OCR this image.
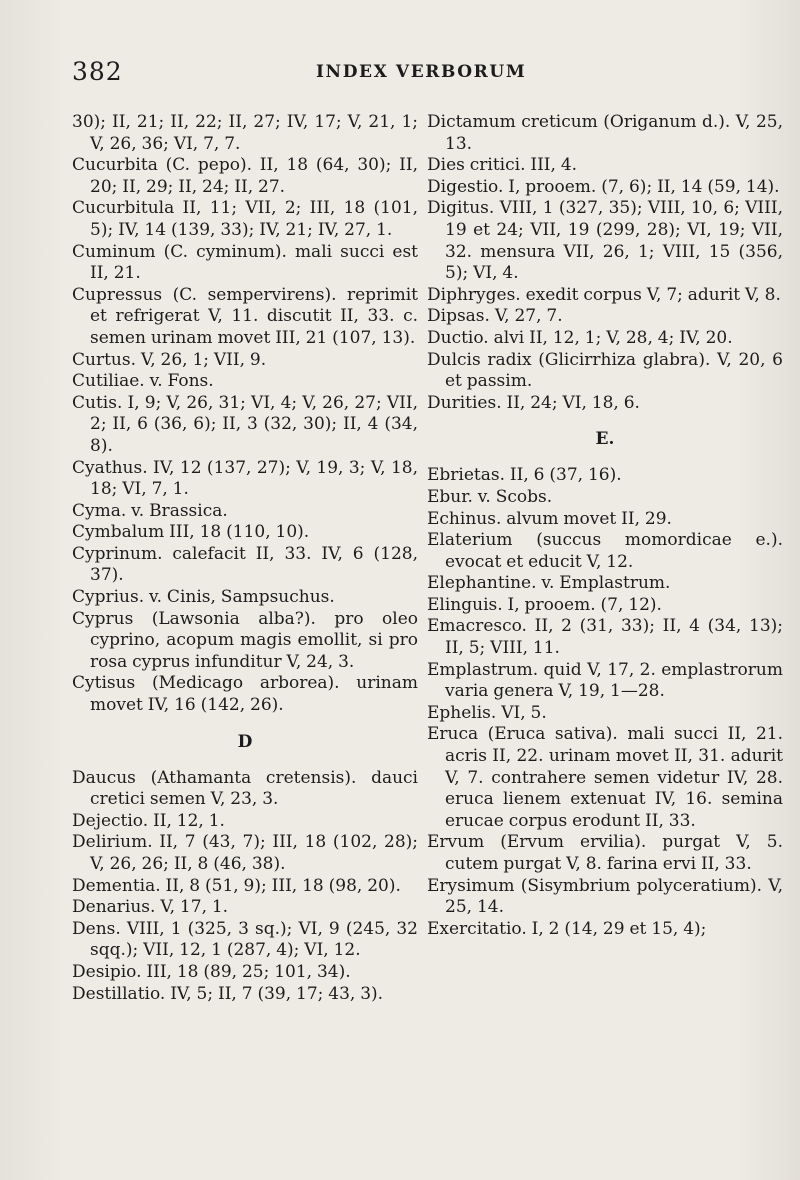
382	INDEX VERBORUM

30); II, 21; II, 22; II, 27; IV, 17; V, 21, 1; V, 26, 36; VI, 7, 7.

Cucurbita (C. pepo). II, 18 (64, 30); II, 20; II, 29; II, 24; II, 27.

Cucurbitula II, 11; VII, 2; III, 18 (101, 5); IV, 14 (139, 33); IV, 21; IV, 27, 1.

Cuminum (C. cyminum). mali succi est II, 21.

Cupressus (C. sempervirens). reprimit et refrigerat V, 11. discutit II, 33. c. semen urinam movet III, 21 (107, 13).

Curtus. V, 26, 1; VII, 9.

Cutiliae. v. Fons.

Cutis. I, 9; V, 26, 31; VI, 4; V, 26, 27; VII, 2; II, 6 (36, 6); II, 3 (32, 30); II, 4 (34, 8).

Cyathus. IV, 12 (137, 27); V, 19, 3; V, 18, 18; VI, 7, 1.

Cyma. v. Brassica.

Cymbalum III, 18 (110, 10).

Cyprinum. calefacit II, 33. IV, 6 (128, 37).

Cyprius. v. Cinis, Sampsuchus.

Cyprus (Lawsonia alba?). pro oleo cyprino, acopum magis emollit, si pro rosa cyprus infunditur V, 24, 3.

Cytisus (Medicago arborea). urinam movet IV, 16 (142, 26).

D

Daucus (Athamanta cretensis). dauci cretici semen V, 23, 3.

Dejectio. II, 12, 1.

Delirium. II, 7 (43, 7); III, 18 (102, 28); V, 26, 26; II, 8 (46, 38).

Dementia. II, 8 (51, 9); III, 18 (98, 20).

Denarius. V, 17, 1.

Dens. VIII, 1 (325, 3 sq.); VI, 9 (245, 32 sqq.); VII, 12, 1 (287, 4); VI, 12.

Desipio. III, 18 (89, 25; 101, 34).

Destillatio. IV, 5; II, 7 (39, 17; 43, 3).

Dictamum creticum (Origanum d.). V, 25, 13.

Dies critici. III, 4.

Digestio. I, prooem. (7, 6); II, 14 (59, 14).

Digitus. VIII, 1 (327, 35); VIII, 10, 6; VIII, 19 et 24; VII, 19 (299, 28); VI, 19; VII, 32. mensura VII, 26, 1; VIII, 15 (356, 5); VI, 4.

Diphryges. exedit corpus V, 7; adurit V, 8.

Dipsas. V, 27, 7.

Ductio. alvi II, 12, 1; V, 28, 4; IV, 20.

Dulcis radix (Glicirrhiza glabra). V, 20, 6 et passim.

Durities. II, 24; VI, 18, 6.

E.

Ebrietas. II, 6 (37, 16).

Ebur. v. Scobs.

Echinus. alvum movet II, 29.

Elaterium (succus momordicae e.). evocat et educit V, 12.

Elephantine. v. Emplastrum.

Elinguis. I, prooem. (7, 12).

Emacresco. II, 2 (31, 33); II, 4 (34, 13); II, 5; VIII, 11.

Emplastrum. quid V, 17, 2. emplastrorum varia genera V, 19, 1—28.

Ephelis. VI, 5.

Eruca (Eruca sativa). mali succi II, 21. acris II, 22. urinam movet II, 31. adurit V, 7. contrahere semen videtur IV, 28. eruca lienem extenuat IV, 16. semina erucae corpus erodunt II, 33.

Ervum (Ervum ervilia). purgat V, 5. cutem purgat V, 8. farina ervi II, 33.

Erysimum (Sisymbrium polyceratium). V, 25, 14.

Exercitatio. I, 2 (14, 29 et 15, 4);
